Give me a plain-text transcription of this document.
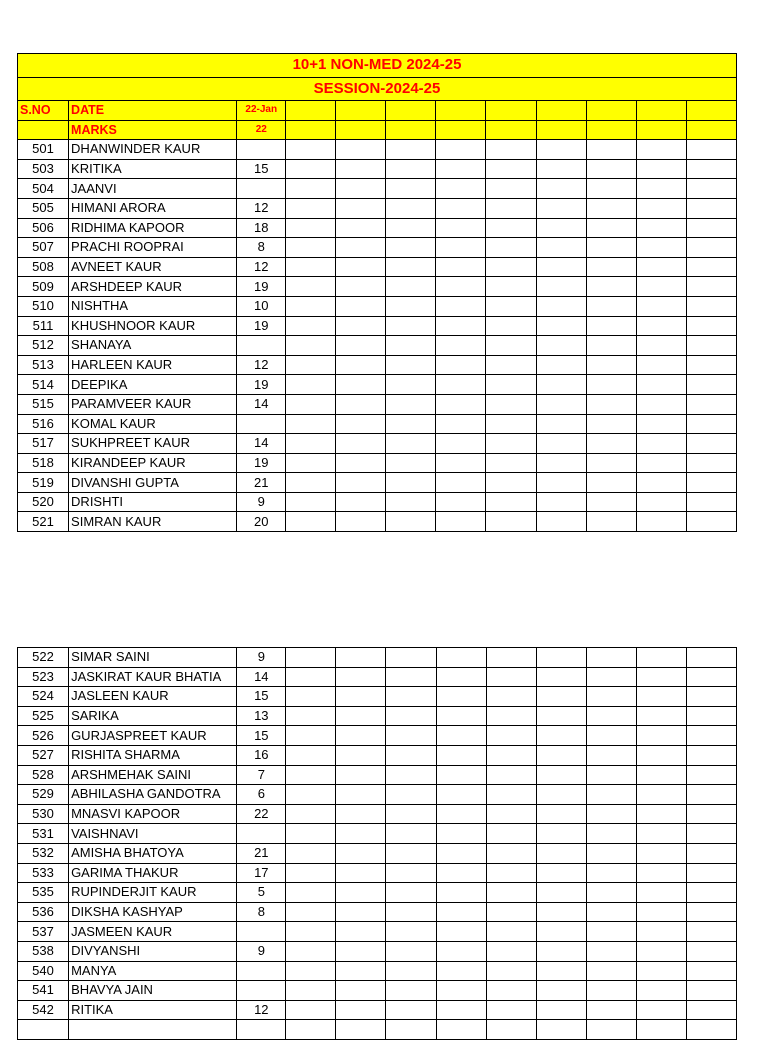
10+1 NON-MED 2024-25											
SESSION-2024-25											
S.NO	DATE	22-Jan									
	MARKS	22									
501	DHANWINDER KAUR										
503	KRITIKA	15									
504	JAANVI										
505	HIMANI ARORA	12									
506	RIDHIMA KAPOOR	18									
507	PRACHI ROOPRAI	8									
508	AVNEET KAUR	12									
509	ARSHDEEP KAUR	19									
510	NISHTHA	10									
511	KHUSHNOOR KAUR	19									
512	SHANAYA										
513	HARLEEN KAUR	12									
514	DEEPIKA	19									
515	PARAMVEER KAUR	14									
516	KOMAL KAUR										
517	SUKHPREET KAUR	14									
518	KIRANDEEP KAUR	19									
519	DIVANSHI GUPTA	21									
520	DRISHTI	9									
521	SIMRAN KAUR	20									
522	SIMAR SAINI	9									
523	JASKIRAT KAUR BHATIA	14									
524	JASLEEN KAUR	15									
525	SARIKA	13									
526	GURJASPREET KAUR	15									
527	RISHITA SHARMA	16									
528	ARSHMEHAK SAINI	7									
529	ABHILASHA GANDOTRA	6									
530	MNASVI KAPOOR	22									
531	VAISHNAVI										
532	AMISHA BHATOYA	21									
533	GARIMA THAKUR	17									
535	RUPINDERJIT KAUR	5									
536	DIKSHA KASHYAP	8									
537	JASMEEN KAUR										
538	DIVYANSHI	9									
540	MANYA										
541	BHAVYA JAIN										
542	RITIKA	12									
